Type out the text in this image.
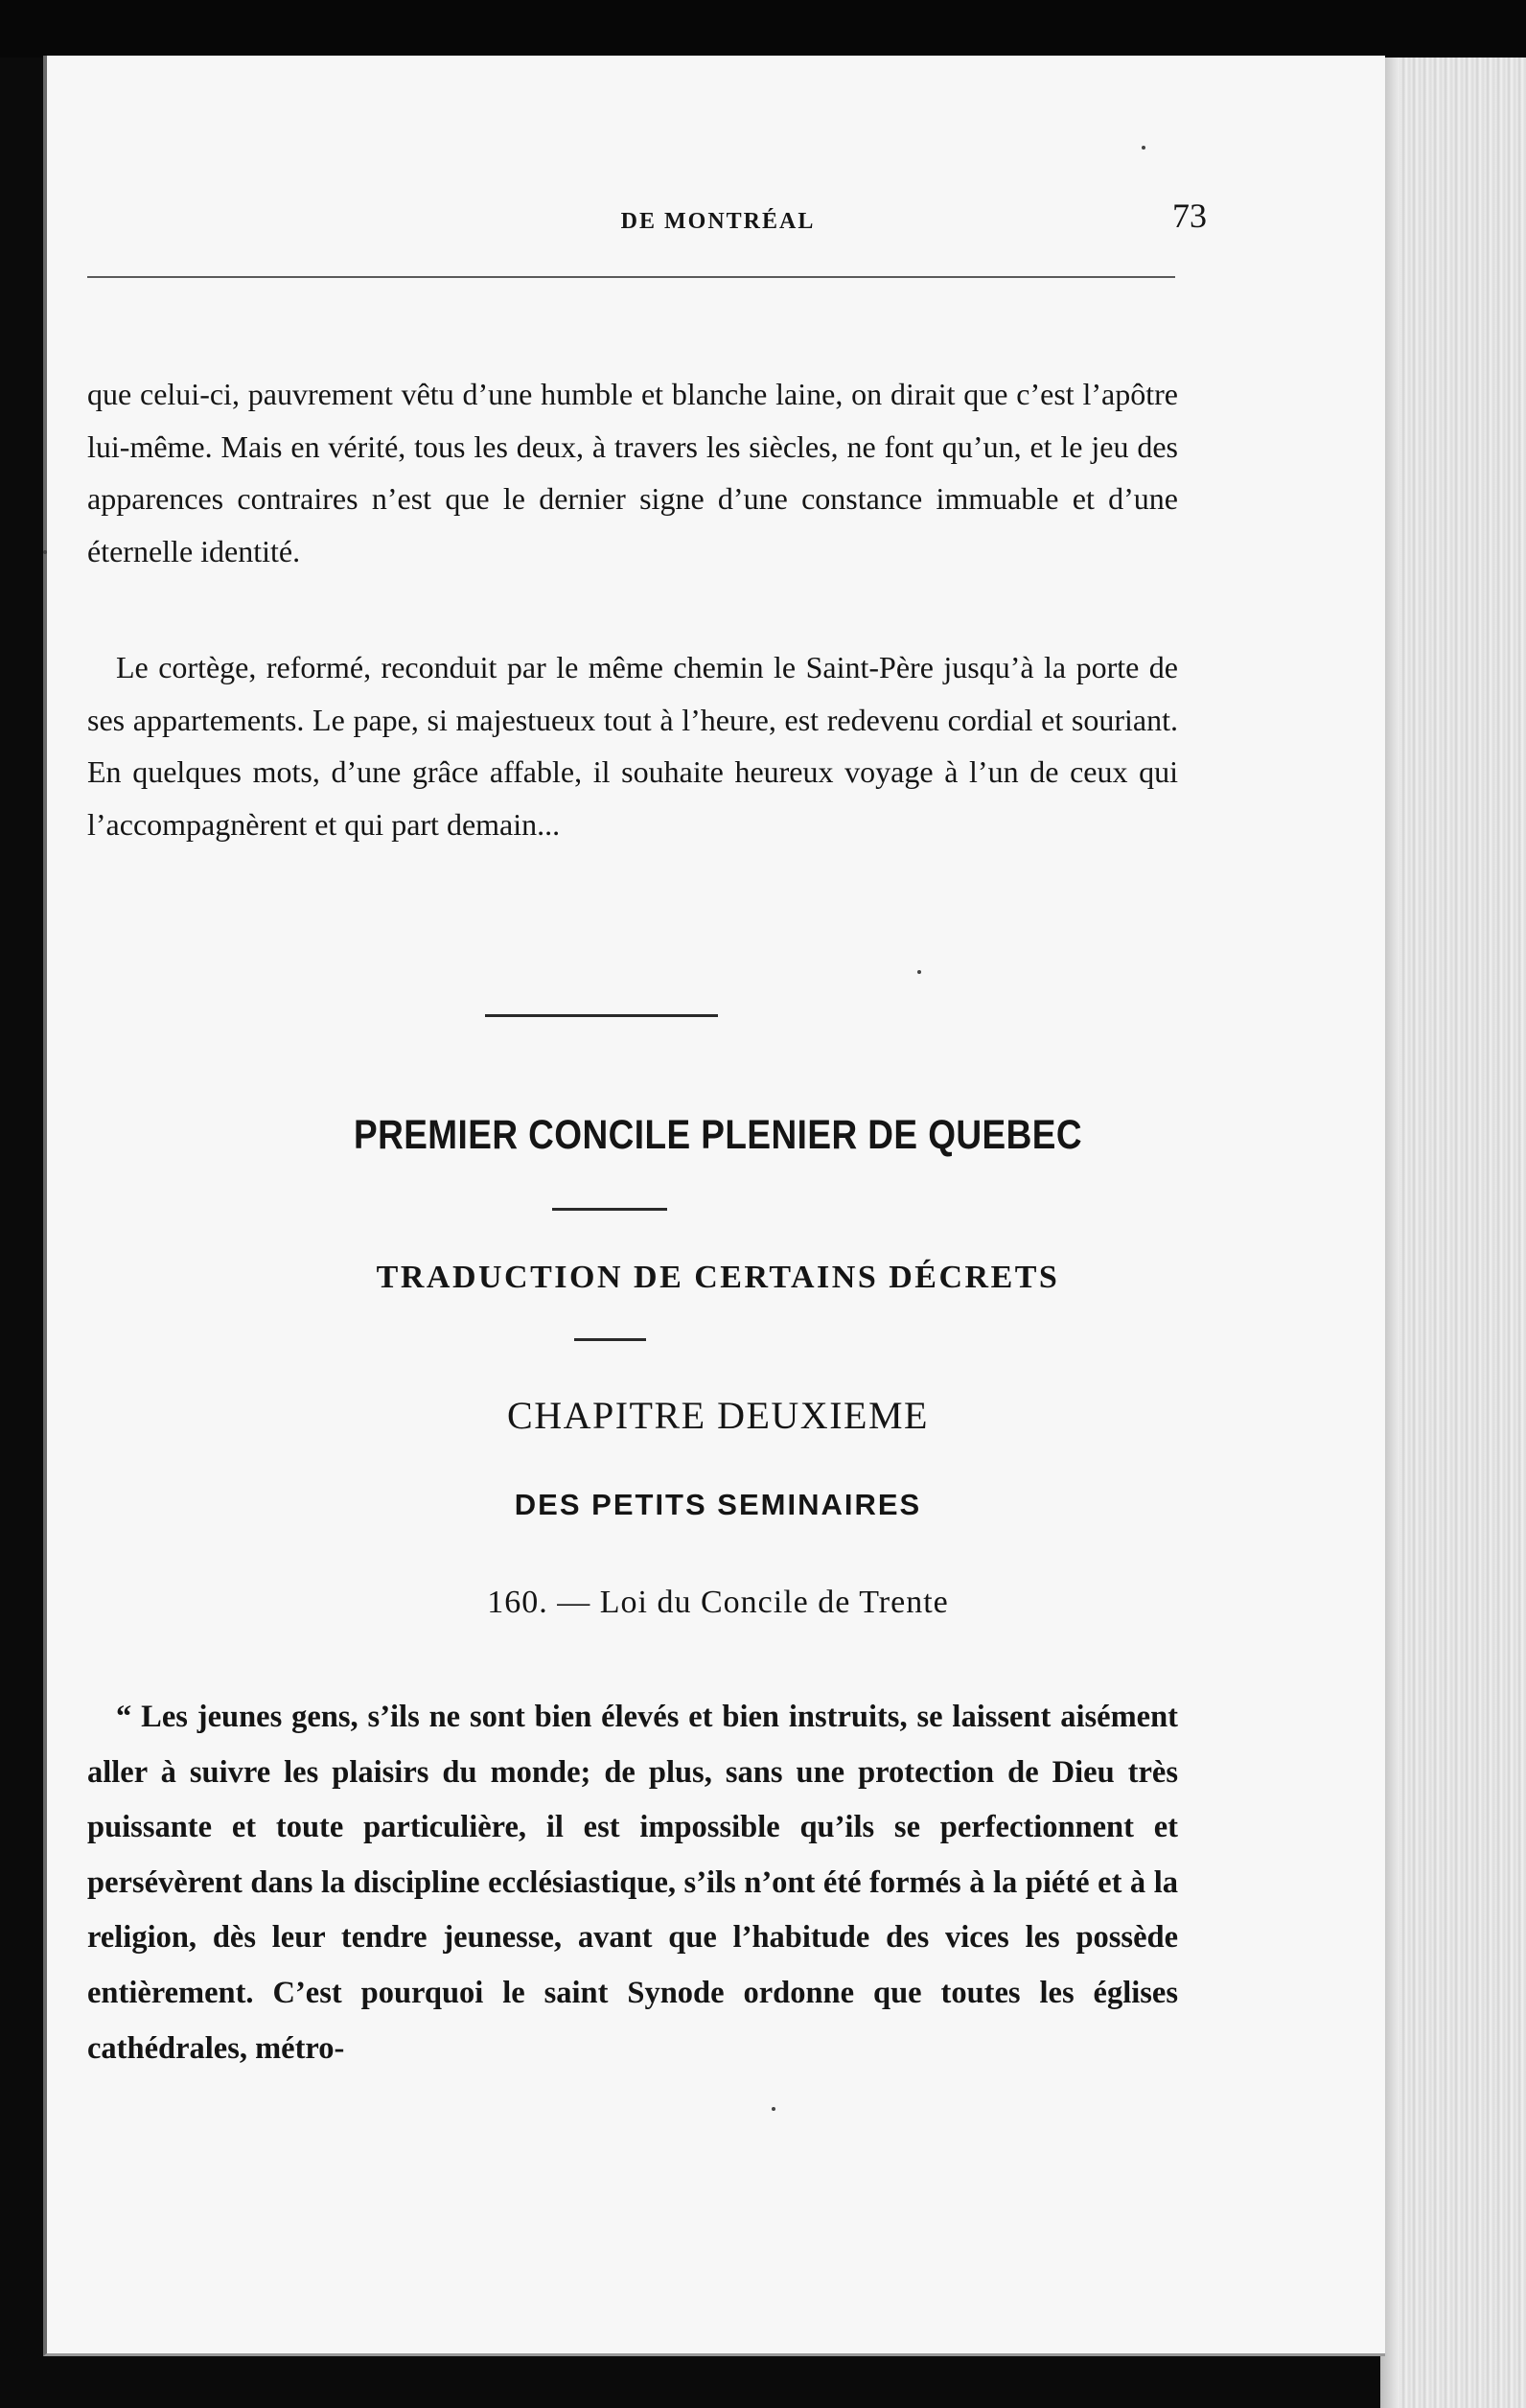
DE MONTRÉAL	73

que celui-ci, pauvrement vêtu d’une humble et blanche laine, on dirait que c’est l’apôtre lui-même. Mais en vérité, tous les deux, à travers les siècles, ne font qu’un, et le jeu des apparences contraires n’est que le dernier signe d’une constance immuable et d’une éternelle identité.

Le cortège, reformé, reconduit par le même chemin le Saint-Père jusqu’à la porte de ses appartements. Le pape, si majestueux tout à l’heure, est redevenu cordial et souriant. En quelques mots, d’une grâce affable, il souhaite heureux voyage à l’un de ceux qui l’accompagnèrent et qui part demain...

PREMIER CONCILE PLENIER DE QUEBEC
TRADUCTION DE CERTAINS DÉCRETS
CHAPITRE DEUXIEME
DES PETITS SEMINAIRES
160. — Loi du Concile de Trente

“ Les jeunes gens, s’ils ne sont bien élevés et bien instruits, se laissent aisément aller à suivre les plaisirs du monde; de plus, sans une protection de Dieu très puissante et toute particulière, il est impossible qu’ils se perfectionnent et persévèrent dans la discipline ecclésiastique, s’ils n’ont été formés à la piété et à la religion, dès leur tendre jeunesse, avant que l’habitude des vices les possède entièrement. C’est pourquoi le saint Synode ordonne que toutes les églises cathédrales, métro-
